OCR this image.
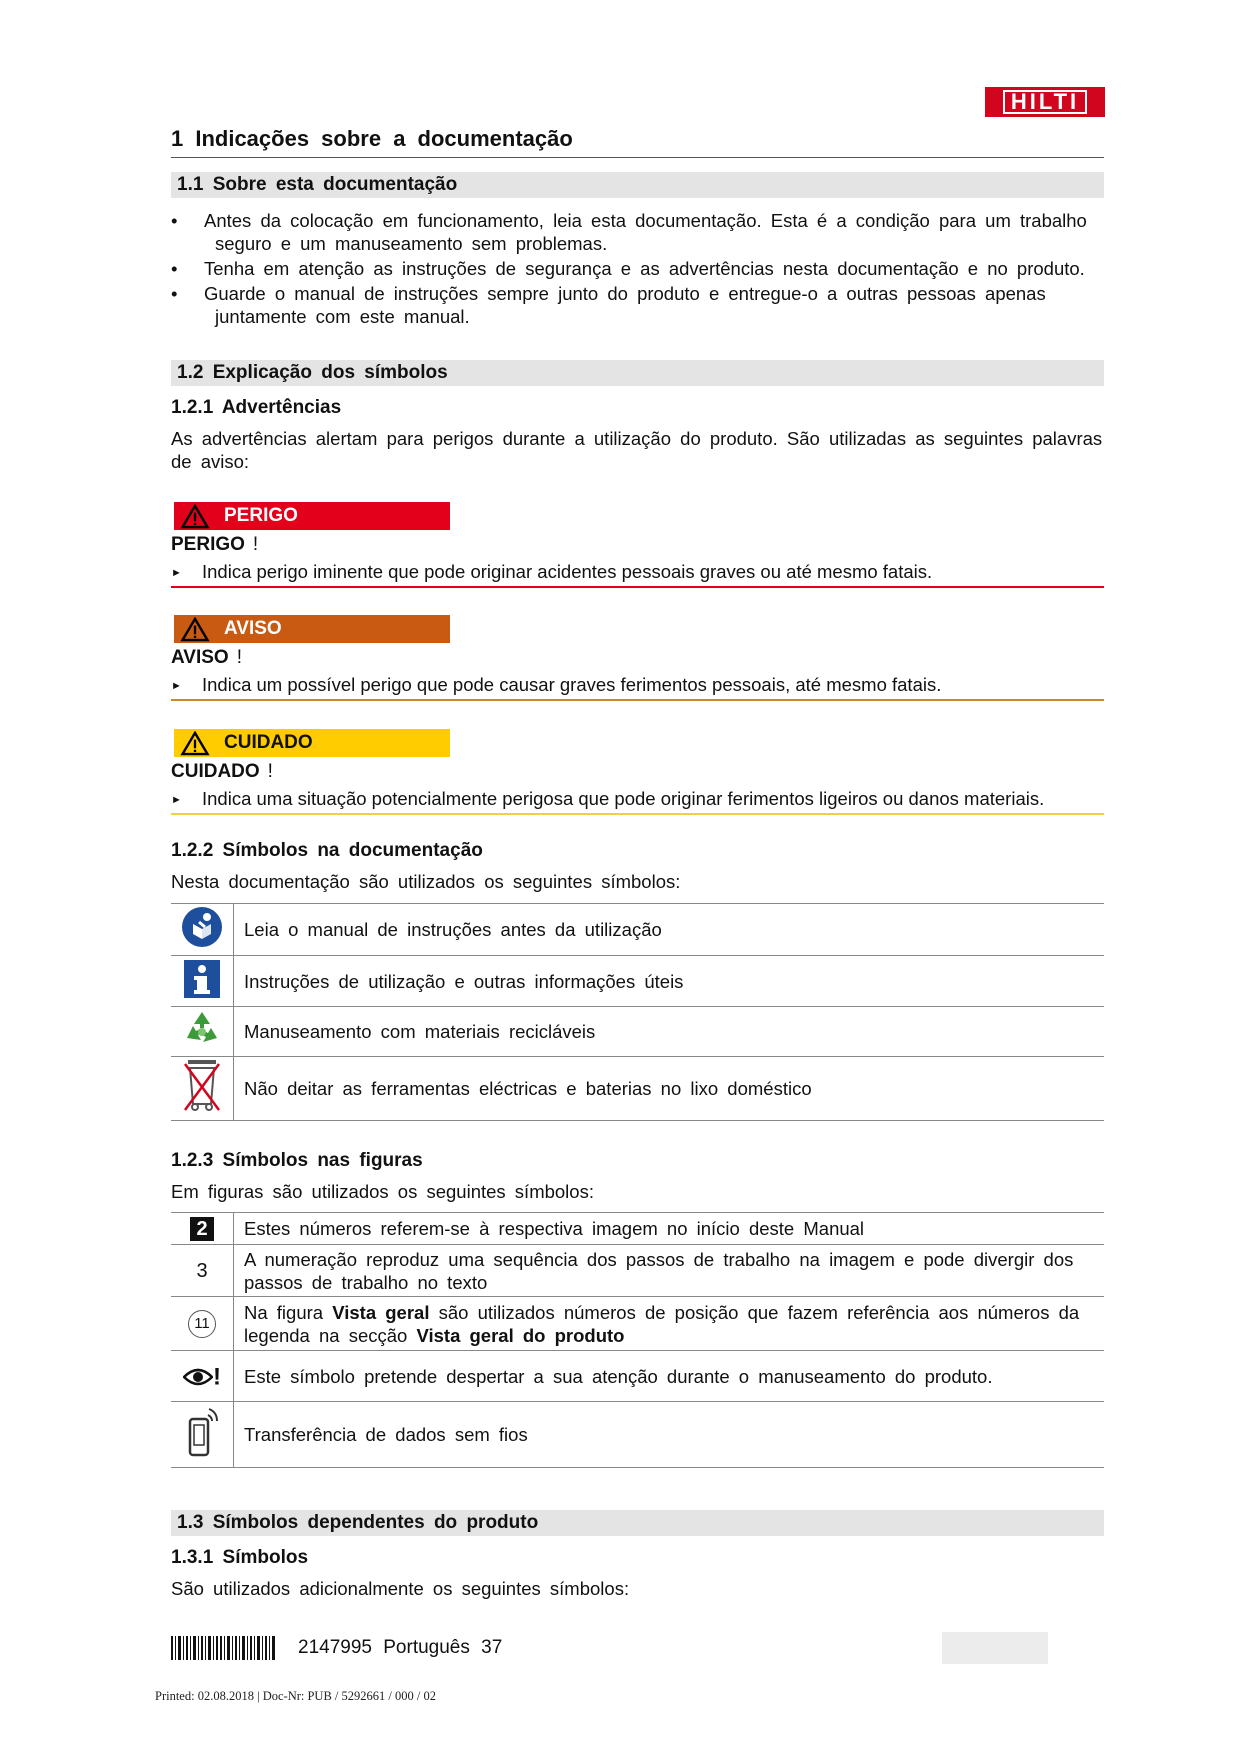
HILTI
1 Indicações sobre a documentação
1.1 Sobre esta documentação
• Antes da colocação em funcionamento, leia esta documentação. Esta é a condição para um trabalho
seguro e um manuseamento sem problemas.
• Tenha em atenção as instruções de segurança e as advertências nesta documentação e no produto.
• Guarde o manual de instruções sempre junto do produto e entregue-o a outras pessoas apenas
juntamente com este manual.
1.2 Explicação dos símbolos
1.2.1 Advertências
As advertências alertam para perigos durante a utilização do produto. São utilizadas as seguintes palavras
de aviso:
PERIGO
PERIGO !
► Indica perigo iminente que pode originar acidentes pessoais graves ou até mesmo fatais.
AVISO
AVISO !
► Indica um possível perigo que pode causar graves ferimentos pessoais, até mesmo fatais.
CUIDADO
CUIDADO !
► Indica uma situação potencialmente perigosa que pode originar ferimentos ligeiros ou danos materiais.
1.2.2 Símbolos na documentação
Nesta documentação são utilizados os seguintes símbolos:
	Leia o manual de instruções antes da utilização
	Instruções de utilização e outras informações úteis
	Manuseamento com materiais recicláveis
	Não deitar as ferramentas eléctricas e baterias no lixo doméstico
1.2.3 Símbolos nas figuras
Em figuras são utilizados os seguintes símbolos:
2	Estes números referem-se à respectiva imagem no início deste Manual
3	A numeração reproduz uma sequência dos passos de trabalho na imagem e pode divergir dos
passos de trabalho no texto

11	Na figura Vista geral são utilizados números de posição que fazem referência aos números da
legenda na secção Vista geral do produto

!	Este símbolo pretende despertar a sua atenção durante o manuseamento do produto.
	Transferência de dados sem fios
1.3 Símbolos dependentes do produto
1.3.1 Símbolos
São utilizados adicionalmente os seguintes símbolos:
2147995 Português 37
Printed: 02.08.2018 | Doc-Nr: PUB / 5292661 / 000 / 02
